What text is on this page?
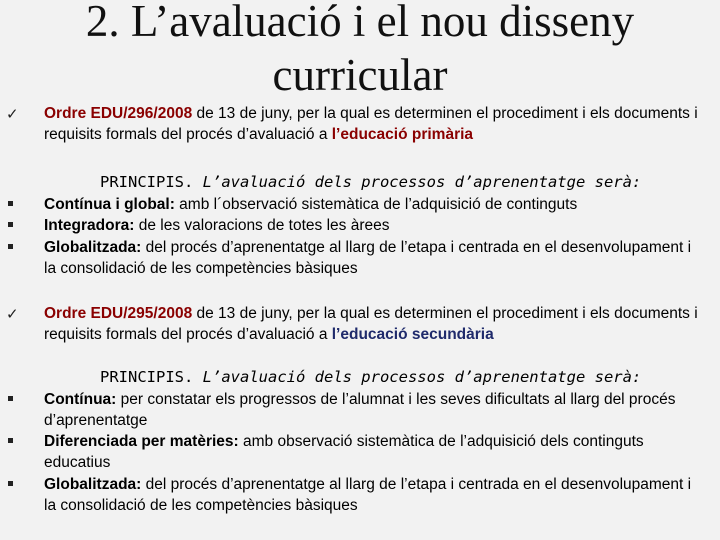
2. L’avaluació i el nou disseny curricular
✓ Ordre EDU/296/2008 de 13 de juny, per la qual es determinen el procediment i els documents i requisits formals del procés d’avaluació a l’educació primària
PRINCIPIS. L’avaluació dels processos d’aprenentatge serà:
Contínua i global: amb l´observació sistemàtica de l’adquisició de continguts
Integradora: de les valoracions de totes les àrees
Globalitzada: del procés d’aprenentatge al llarg de l’etapa i centrada en el desenvolupament i la consolidació de les competències bàsiques
✓ Ordre EDU/295/2008 de 13 de juny, per la qual es determinen el procediment i els documents i requisits formals del procés d’avaluació a l’educació secundària
PRINCIPIS. L’avaluació dels processos d’aprenentatge serà:
Contínua: per constatar els progressos de l’alumnat i les seves dificultats al llarg del procés d’aprenentatge
Diferenciada per matèries: amb observació sistemàtica de l’adquisició dels continguts educatius
Globalitzada: del procés d’aprenentatge al llarg de l’etapa i centrada en el desenvolupament i la consolidació de les competències bàsiques
